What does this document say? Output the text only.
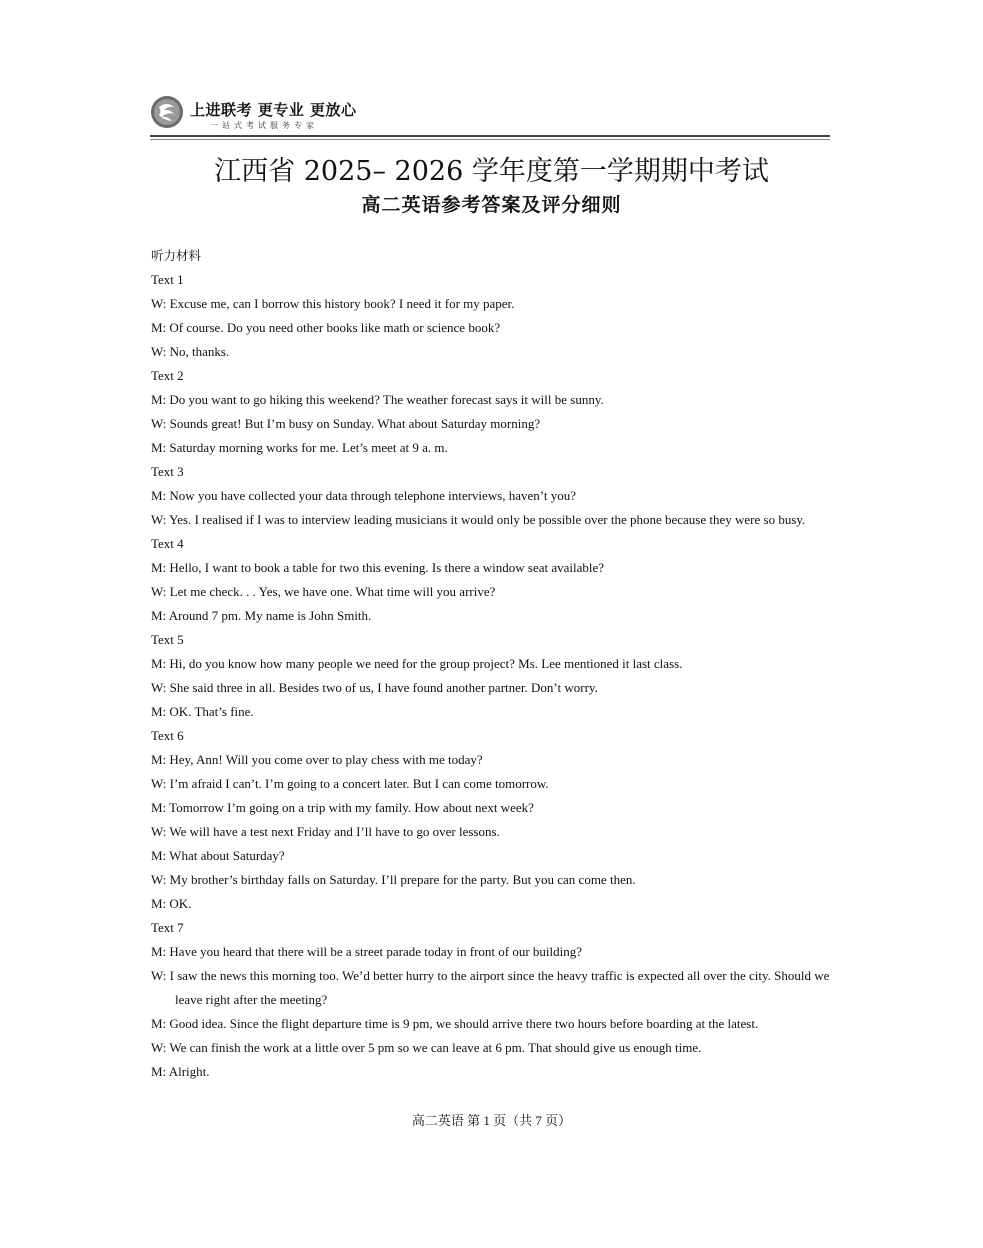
上进联考 更专业 更放心
一站式考试服务专家
江西省 2025– 2026 学年度第一学期期中考试
高二英语参考答案及评分细则
听力材料
Text 1
W: Excuse me, can I borrow this history book? I need it for my paper.
M: Of course. Do you need other books like math or science book?
W: No, thanks.
Text 2
M: Do you want to go hiking this weekend? The weather forecast says it will be sunny.
W: Sounds great! But I’m busy on Sunday. What about Saturday morning?
M: Saturday morning works for me. Let’s meet at 9 a. m.
Text 3
M: Now you have collected your data through telephone interviews, haven’t you?
W: Yes. I realised if I was to interview leading musicians it would only be possible over the phone because they were so busy.
Text 4
M: Hello, I want to book a table for two this evening. Is there a window seat available?
W: Let me check. . . Yes, we have one. What time will you arrive?
M: Around 7 pm. My name is John Smith.
Text 5
M: Hi, do you know how many people we need for the group project? Ms. Lee mentioned it last class.
W: She said three in all. Besides two of us, I have found another partner. Don’t worry.
M: OK. That’s fine.
Text 6
M: Hey, Ann! Will you come over to play chess with me today?
W: I’m afraid I can’t. I’m going to a concert later. But I can come tomorrow.
M: Tomorrow I’m going on a trip with my family. How about next week?
W: We will have a test next Friday and I’ll have to go over lessons.
M: What about Saturday?
W: My brother’s birthday falls on Saturday. I’ll prepare for the party. But you can come then.
M: OK.
Text 7
M: Have you heard that there will be a street parade today in front of our building?
W: I saw the news this morning too. We’d better hurry to the airport since the heavy traffic is expected all over the city. Should we leave right after the meeting?
M: Good idea. Since the flight departure time is 9 pm, we should arrive there two hours before boarding at the latest.
W: We can finish the work at a little over 5 pm so we can leave at 6 pm. That should give us enough time.
M: Alright.
高二英语 第 1 页（共 7 页）
